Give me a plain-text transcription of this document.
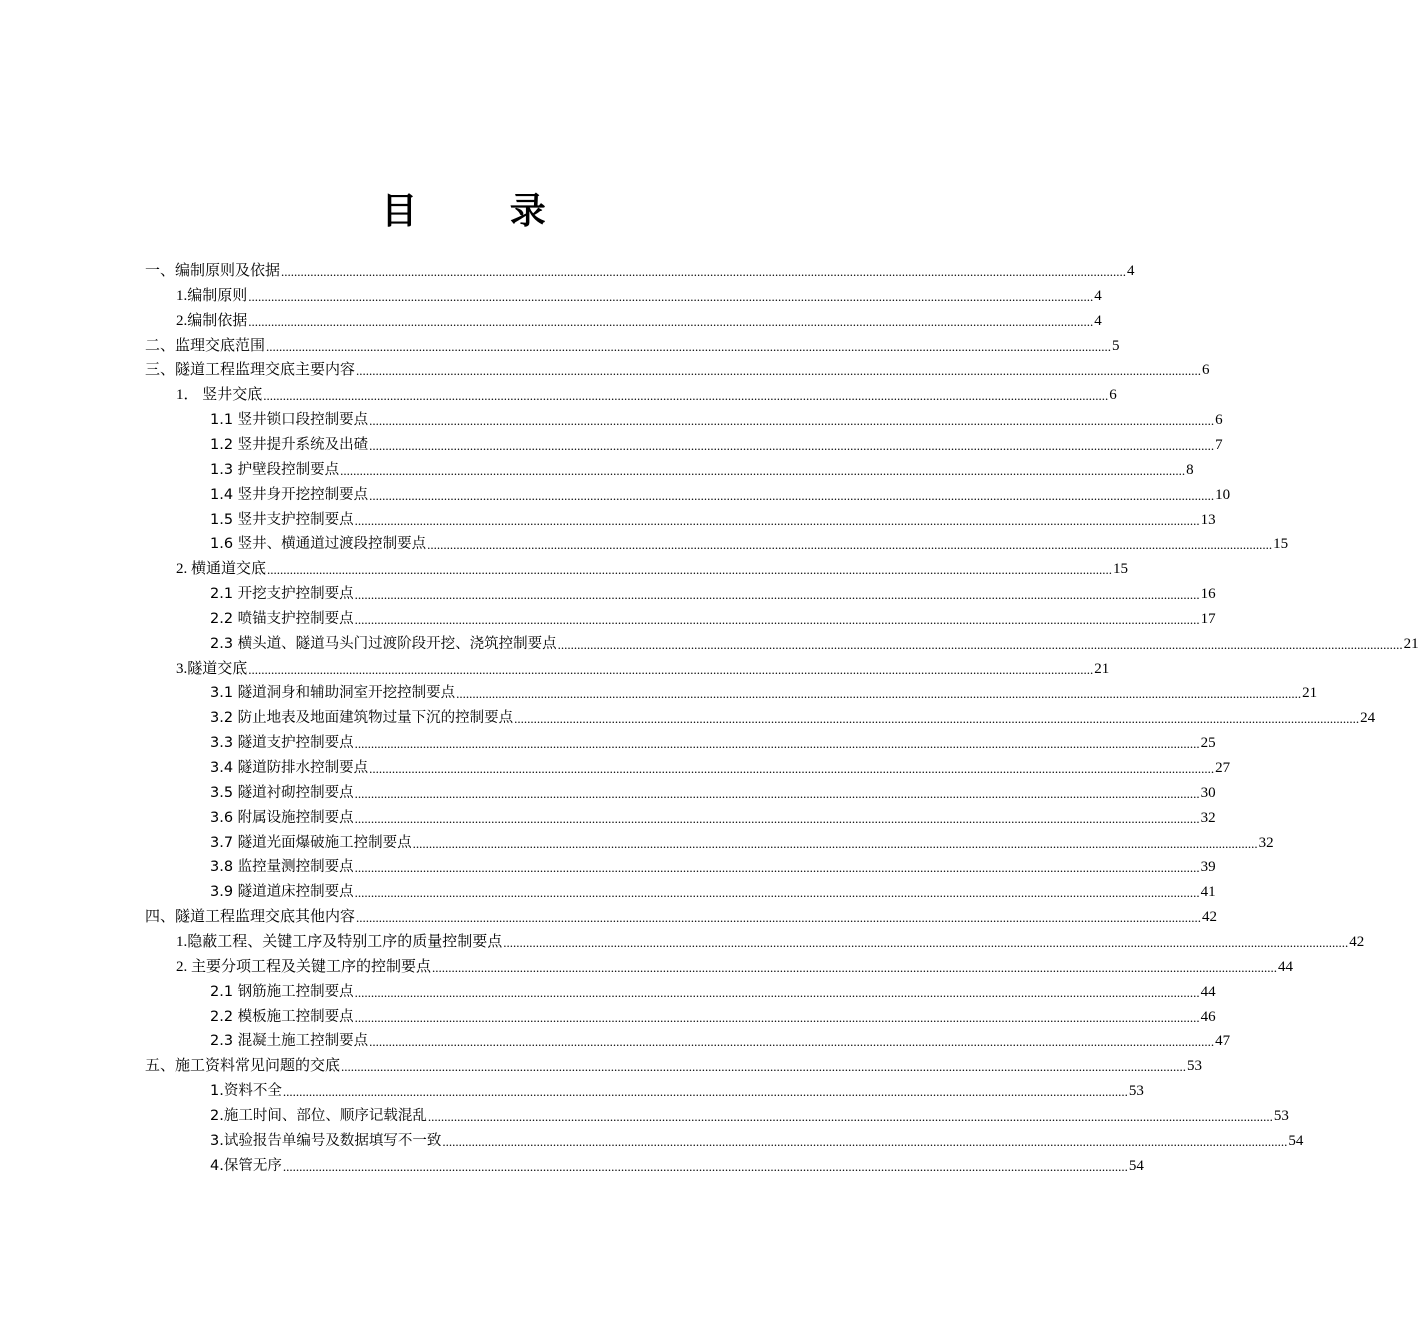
目 录
一、编制原则及依据 .................................................................................................................................................................................................................................................................... 4
1.编制原则 .................................................................................................................................................................................................................................................................... 4
2.编制依据 .................................................................................................................................................................................................................................................................... 4
二、监理交底范围 .................................................................................................................................................................................................................................................................... 5
三、隧道工程监理交底主要内容 .................................................................................................................................................................................................................................................................... 6
1． 竖井交底 .................................................................................................................................................................................................................................................................... 6
1.1 竖井锁口段控制要点 .................................................................................................................................................................................................................................................................... 6
1.2 竖井提升系统及出碴 .................................................................................................................................................................................................................................................................... 7
1.3 护壁段控制要点 .................................................................................................................................................................................................................................................................... 8
1.4 竖井身开挖控制要点 .................................................................................................................................................................................................................................................................... 10
1.5 竖井支护控制要点 .................................................................................................................................................................................................................................................................... 13
1.6 竖井、横通道过渡段控制要点 .................................................................................................................................................................................................................................................................... 15
2. 横通道交底 .................................................................................................................................................................................................................................................................... 15
2.1 开挖支护控制要点 .................................................................................................................................................................................................................................................................... 16
2.2 喷锚支护控制要点 .................................................................................................................................................................................................................................................................... 17
2.3 横头道、隧道马头门过渡阶段开挖、浇筑控制要点 .................................................................................................................................................................................................................................................................... 21
3.隧道交底 .................................................................................................................................................................................................................................................................... 21
3.1 隧道洞身和辅助洞室开挖控制要点 .................................................................................................................................................................................................................................................................... 21
3.2 防止地表及地面建筑物过量下沉的控制要点 .................................................................................................................................................................................................................................................................... 24
3.3 隧道支护控制要点 .................................................................................................................................................................................................................................................................... 25
3.4 隧道防排水控制要点 .................................................................................................................................................................................................................................................................... 27
3.5 隧道衬砌控制要点 .................................................................................................................................................................................................................................................................... 30
3.6 附属设施控制要点 .................................................................................................................................................................................................................................................................... 32
3.7 隧道光面爆破施工控制要点 .................................................................................................................................................................................................................................................................... 32
3.8 监控量测控制要点 .................................................................................................................................................................................................................................................................... 39
3.9 隧道道床控制要点 .................................................................................................................................................................................................................................................................... 41
四、隧道工程监理交底其他内容 .................................................................................................................................................................................................................................................................... 42
1.隐蔽工程、关键工序及特别工序的质量控制要点 .................................................................................................................................................................................................................................................................... 42
2. 主要分项工程及关键工序的控制要点 .................................................................................................................................................................................................................................................................... 44
2.1 钢筋施工控制要点 .................................................................................................................................................................................................................................................................... 44
2.2 模板施工控制要点 .................................................................................................................................................................................................................................................................... 46
2.3 混凝土施工控制要点 .................................................................................................................................................................................................................................................................... 47
五、施工资料常见问题的交底 .................................................................................................................................................................................................................................................................... 53
1.资料不全 .................................................................................................................................................................................................................................................................... 53
2.施工时间、部位、顺序记载混乱 .................................................................................................................................................................................................................................................................... 53
3.试验报告单编号及数据填写不一致 .................................................................................................................................................................................................................................................................... 54
4.保管无序 .................................................................................................................................................................................................................................................................... 54
